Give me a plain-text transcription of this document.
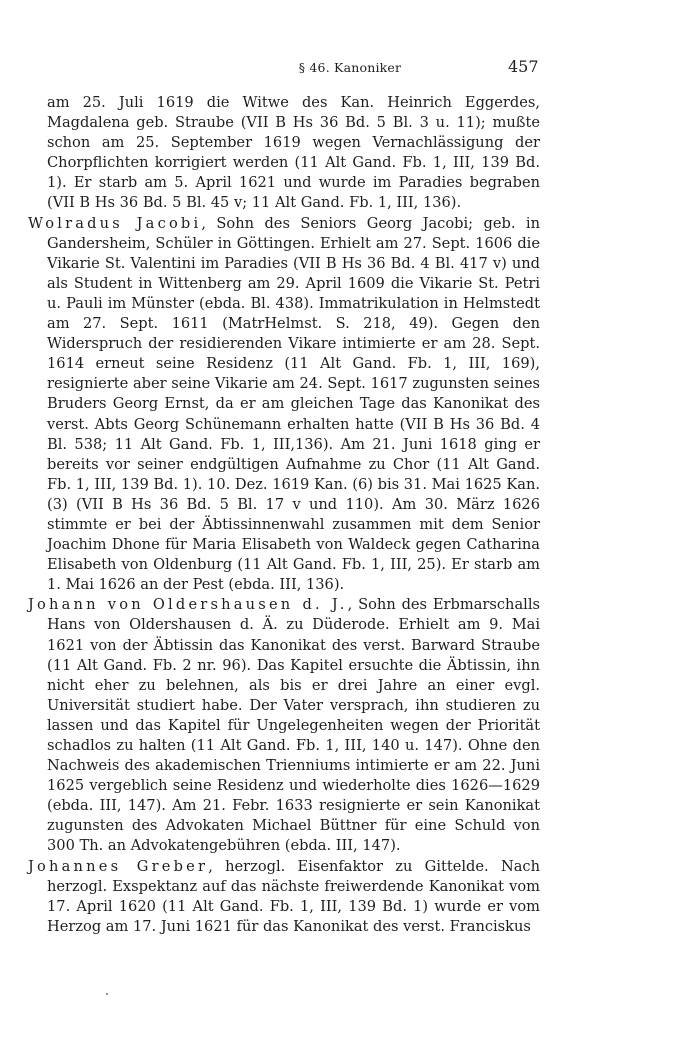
§ 46. Kanoniker	457

am 25. Juli 1619 die Witwe des Kan. Heinrich Eggerdes, Magdalena geb. Straube (VII B Hs 36 Bd. 5 Bl. 3 u. 11); mußte schon am 25. September 1619 wegen Vernachlässigung der Chorpflichten korrigiert werden (11 Alt Gand. Fb. 1, III, 139 Bd. 1). Er starb am 5. April 1621 und wurde im Paradies begraben (VII B Hs 36 Bd. 5 Bl. 45 v; 11 Alt Gand. Fb. 1, III, 136).

Wolradus Jacobi, Sohn des Seniors Georg Jacobi; geb. in Gandersheim, Schüler in Göttingen. Erhielt am 27. Sept. 1606 die Vikarie St. Valentini im Paradies (VII B Hs 36 Bd. 4 Bl. 417 v) und als Student in Wittenberg am 29. April 1609 die Vikarie St. Petri u. Pauli im Münster (ebda. Bl. 438). Immatrikulation in Helmstedt am 27. Sept. 1611 (MatrHelmst. S. 218, 49). Gegen den Widerspruch der residierenden Vikare intimierte er am 28. Sept. 1614 erneut seine Residenz (11 Alt Gand. Fb. 1, III, 169), resignierte aber seine Vikarie am 24. Sept. 1617 zugunsten seines Bruders Georg Ernst, da er am gleichen Tage das Kanonikat des verst. Abts Georg Schünemann erhalten hatte (VII B Hs 36 Bd. 4 Bl. 538; 11 Alt Gand. Fb. 1, III,136). Am 21. Juni 1618 ging er bereits vor seiner endgültigen Aufnahme zu Chor (11 Alt Gand. Fb. 1, III, 139 Bd. 1). 10. Dez. 1619 Kan. (6) bis 31. Mai 1625 Kan. (3) (VII B Hs 36 Bd. 5 Bl. 17 v und 110). Am 30. März 1626 stimmte er bei der Äbtissinnenwahl zusammen mit dem Senior Joachim Dhone für Maria Elisabeth von Waldeck gegen Catharina Elisabeth von Oldenburg (11 Alt Gand. Fb. 1, III, 25). Er starb am 1. Mai 1626 an der Pest (ebda. III, 136).

Johann von Oldershausen d. J., Sohn des Erbmarschalls Hans von Oldershausen d. Ä. zu Düderode. Erhielt am 9. Mai 1621 von der Äbtissin das Kanonikat des verst. Barward Straube (11 Alt Gand. Fb. 2 nr. 96). Das Kapitel ersuchte die Äbtissin, ihn nicht eher zu belehnen, als bis er drei Jahre an einer evgl. Universität studiert habe. Der Vater versprach, ihn studieren zu lassen und das Kapitel für Ungelegenheiten wegen der Priorität schadlos zu halten (11 Alt Gand. Fb. 1, III, 140 u. 147). Ohne den Nachweis des akademischen Trienniums intimierte er am 22. Juni 1625 vergeblich seine Residenz und wiederholte dies 1626—1629 (ebda. III, 147). Am 21. Febr. 1633 resignierte er sein Kanonikat zugunsten des Advokaten Michael Büttner für eine Schuld von 300 Th. an Advokatengebühren (ebda. III, 147).

Johannes Greber, herzogl. Eisenfaktor zu Gittelde. Nach herzogl. Exspektanz auf das nächste freiwerdende Kanonikat vom 17. April 1620 (11 Alt Gand. Fb. 1, III, 139 Bd. 1) wurde er vom Herzog am 17. Juni 1621 für das Kanonikat des verst. Franciskus
